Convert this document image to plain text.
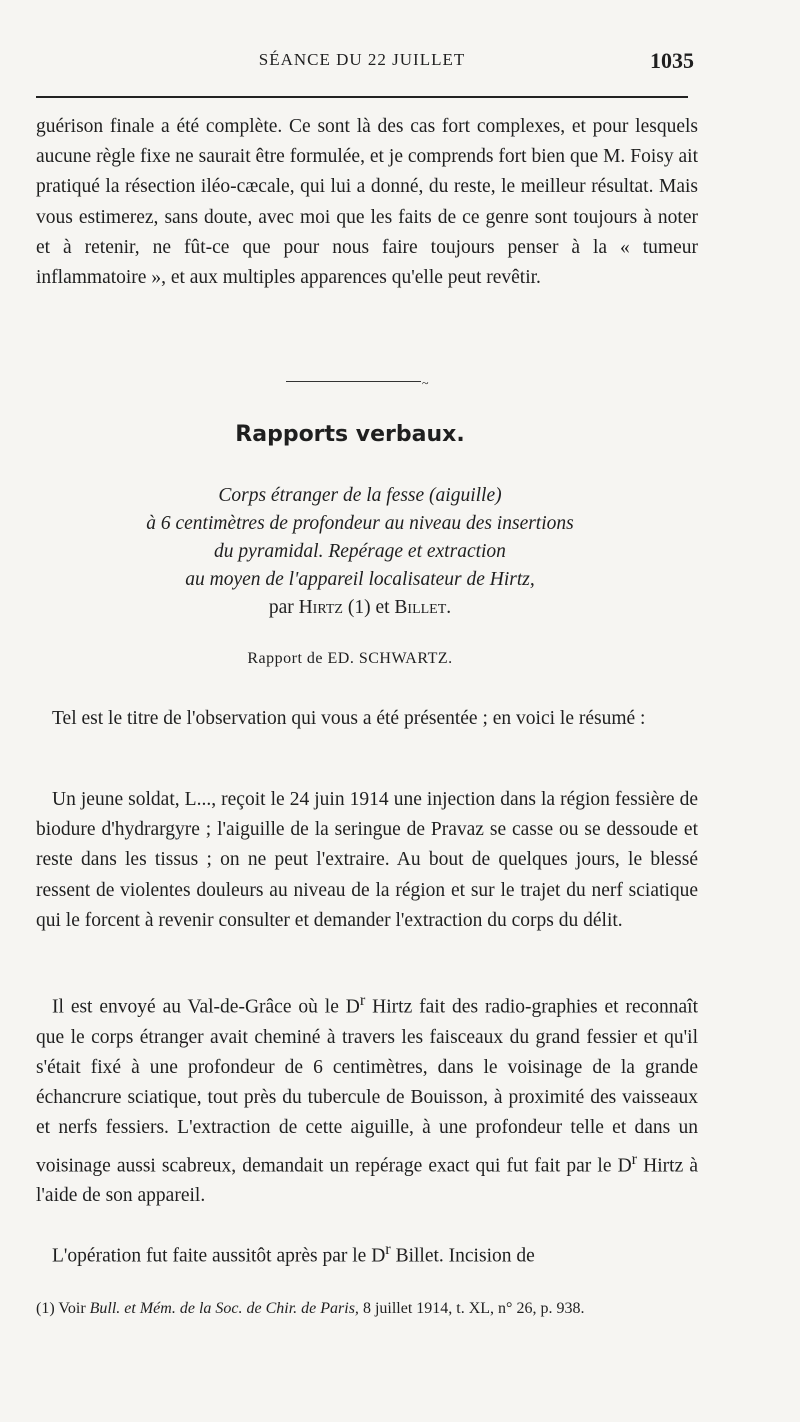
SÉANCE DU 22 JUILLET	1035

guérison finale a été complète. Ce sont là des cas fort complexes, et pour lesquels aucune règle fixe ne saurait être formulée, et je comprends fort bien que M. Foisy ait pratiqué la résection iléo-cæcale, qui lui a donné, du reste, le meilleur résultat. Mais vous estimerez, sans doute, avec moi que les faits de ce genre sont toujours à noter et à retenir, ne fût-ce que pour nous faire toujours penser à la « tumeur inflammatoire », et aux multiples apparences qu'elle peut revêtir.

~
Rapports verbaux.
Corps étranger de la fesse (aiguille)
à 6 centimètres de profondeur au niveau des insertions
du pyramidal. Repérage et extraction
au moyen de l'appareil localisateur de Hirtz,
par Hirtz (1) et Billet.
Rapport de ED. SCHWARTZ.

Tel est le titre de l'observation qui vous a été présentée ; en voici le résumé :

Un jeune soldat, L..., reçoit le 24 juin 1914 une injection dans la région fessière de biodure d'hydrargyre ; l'aiguille de la seringue de Pravaz se casse ou se dessoude et reste dans les tissus ; on ne peut l'extraire. Au bout de quelques jours, le blessé ressent de violentes douleurs au niveau de la région et sur le trajet du nerf sciatique qui le forcent à revenir consulter et demander l'extraction du corps du délit.

Il est envoyé au Val-de-Grâce où le $D^r$ Hirtz fait des radio-graphies et reconnaît que le corps étranger avait cheminé à travers les faisceaux du grand fessier et qu'il s'était fixé à une profondeur de 6 centimètres, dans le voisinage de la grande échancrure sciatique, tout près du tubercule de Bouisson, à proximité des vaisseaux et nerfs fessiers. L'extraction de cette aiguille, à une profondeur telle et dans un voisinage aussi scabreux, demandait un repérage exact qui fut fait par le $D^r$ Hirtz à l'aide de son appareil.

L'opération fut faite aussitôt après par le $D^r$ Billet. Incision de

(1) Voir Bull. et Mém. de la Soc. de Chir. de Paris, 8 juillet 1914, t. XL, n° 26, p. 938.
